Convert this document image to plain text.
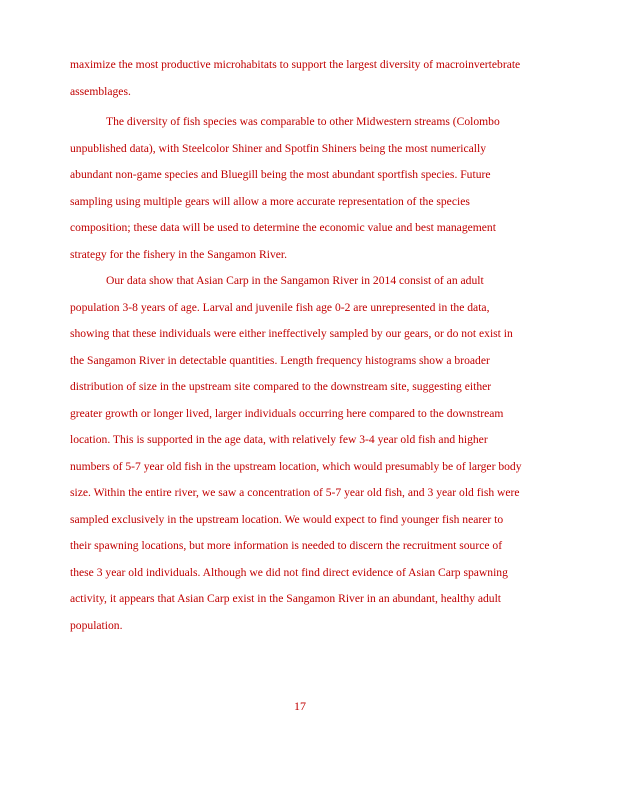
maximize the most productive microhabitats to support the largest diversity of macroinvertebrate
assemblages.
The diversity of fish species was comparable to other Midwestern streams (Colombo
unpublished data), with Steelcolor Shiner and Spotfin Shiners being the most numerically
abundant non-game species and Bluegill being the most abundant sportfish species. Future
sampling using multiple gears will allow a more accurate representation of the species
composition; these data will be used to determine the economic value and best management
strategy for the fishery in the Sangamon River.
Our data show that Asian Carp in the Sangamon River in 2014 consist of an adult
population 3-8 years of age. Larval and juvenile fish age 0-2 are unrepresented in the data,
showing that these individuals were either ineffectively sampled by our gears, or do not exist in
the Sangamon River in detectable quantities. Length frequency histograms show a broader
distribution of size in the upstream site compared to the downstream site, suggesting either
greater growth or longer lived, larger individuals occurring here compared to the downstream
location. This is supported in the age data, with relatively few 3-4 year old fish and higher
numbers of 5-7 year old fish in the upstream location, which would presumably be of larger body
size. Within the entire river, we saw a concentration of 5-7 year old fish, and 3 year old fish were
sampled exclusively in the upstream location. We would expect to find younger fish nearer to
their spawning locations, but more information is needed to discern the recruitment source of
these 3 year old individuals. Although we did not find direct evidence of Asian Carp spawning
activity, it appears that Asian Carp exist in the Sangamon River in an abundant, healthy adult
population.
17
